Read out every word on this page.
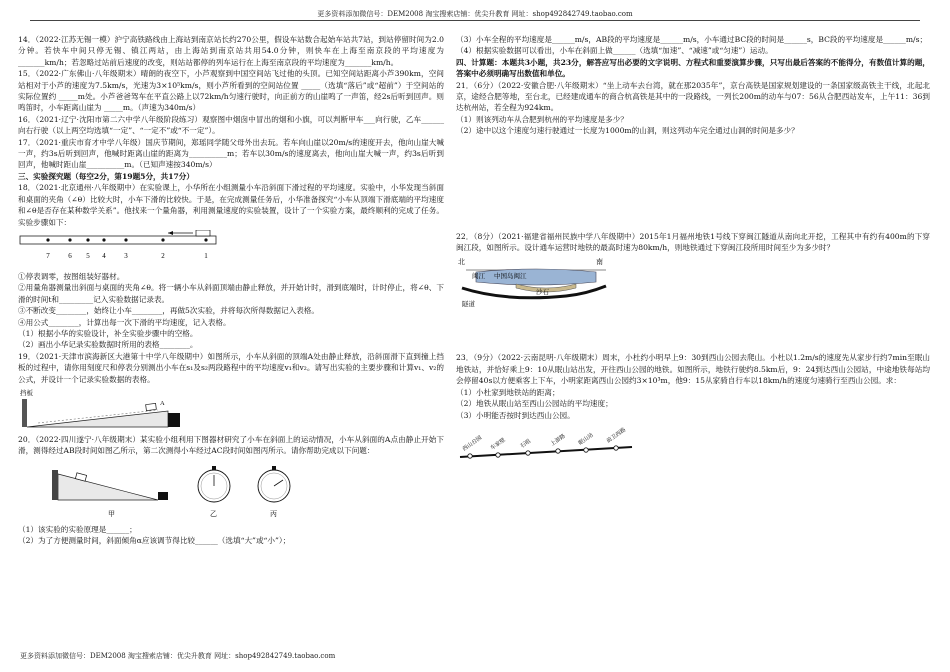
更多资料添加微信号：DEM2008 淘宝搜索店铺：优尖升教育 网址：shop492842749.taobao.com

14．（2022·江苏无锡一模）沪宁高铁路线由上海站到南京站长约270公里，假设车站数合起始车站共7站，到站停留时间为2.0分钟。若快车中间只停无锡、镇江两站，由上海站到南京站共用54.0分钟，则快车在上海至南京段的平均速度为_______km/h；若忽略过站前后速度的改变，则站站都停的列车运行在上海至南京段的平均速度为_______km/h。

15．（2022·广东佛山·八年级期末）晴朗的夜空下，小芦观察到中国空间站飞过他的头顶。已知空间站距离小芦390km，空间站相对于小芦的速度为7.5km/s，光速为3×10⁵km/s，则小芦所看到的空间站位置 _____（选填“落后”或“超前”）于空间站的实际位置约 _____m处。小芦爸爸驾车在平直公路上以72km/h匀速行驶时，向正前方的山崖鸣了一声笛，经2s后听到回声。则鸣笛时，小车距离山崖为 _____m。（声速为340m/s）

16．（2021·辽宁·沈阳市第二六中学八年级阶段练习）观察图中烟囱中冒出的烟和小旗，可以判断甲车___向行驶，乙车______向右行驶（以上两空均选填“一定”、“一定不”或“不一定”）。

17．（2021·重庆市育才中学八年级）国庆节期间，郑瑶同学随父母外出去玩。若车向山崖以20m/s的速度开去，他向山崖大喊一声，约3s后听到回声，他喊时距离山崖的距离为__________m；若车以30m/s的速度离去，他向山崖大喊一声，约3s后听到回声，他喊时距山崖__________m。（已知声速按340m/s）

三、实验探究题（每空2分，第19题5分，共17分）

18．（2021·北京通州·八年级期中）在实验课上，小华所在小组测量小车沿斜面下滑过程的平均速度。实验中，小华发现当斜面和桌面的夹角（∠θ）比较大时，小车下滑的比较快。于是，在完成测量任务后，小华准备探究“小车从顶端下滑底端的平均速度和∠θ是否存在某种数学关系”。他找来一个量角器，利用测量速度的实验装置，设计了一个实验方案，最终顺利的完成了任务。实验步骤如下：

7	6 5 4	3	2	1

①停表调零，按图组装好器材。

②用量角器测量出斜面与桌面的夹角∠θ。将一辆小车从斜面顶端由静止释放，并开始计时，滑到底端时，计时停止，将∠θ、下滑的时间t和_________记入实验数据记录表。

③不断改变________，始终让小车________，再做5次实验，并将每次所得数据记入表格。

④用公式________，计算出每一次下滑的平均速度，记入表格。

（1）根据小华的实验设计，补全实验步骤中的空格。

（2）画出小华记录实验数据时所用的表格________。

19．（2021·天津市滨海新区大港第十中学八年级期中）如图所示，小车从斜面的顶端A处由静止释放，沿斜面滑下直到撞上挡板的过程中，请你用刻度尺和停表分别测出小车在s₁及s₂两段路程中的平均速度v₁和v₂。请写出实验的主要步骤和计算v₁、v₂的公式，并设计一个记录实验数据的表格。

挡板
A

20．（2022·四川遂宁·八年级期末）某实验小组利用下图器材研究了小车在斜面上的运动情况，小车从斜面的A点由静止开始下滑，测得经过AB段时间如图乙所示，第二次测得小车经过AC段时间如图丙所示。请你帮助完成以下问题：

甲	乙	丙

（1）该实验的实验原理是______；

（2）为了方便测量时间，斜面倾角α应该调节得比较______（选填“大”或“小”）；

（3）小车全程的平均速度是______m/s，AB段的平均速度是______m/s，小车通过BC段的时间是______s，BC段的平均速度是______m/s；

（4）根据实验数据可以看出，小车在斜面上做______（选填“加速”、“减速”或“匀速”）运动。

四、计算题：本题共3小题，共23分，解答应写出必要的文字说明、方程式和重要演算步骤，只写出最后答案的不能得分，有数值计算的题，答案中必须明确写出数值和单位。

21．（6分）（2022·安徽合肥·八年级期末）“坐上动车去台湾，就在那2035年”，京台高铁是国家规划建设的一条国家级高铁主干线，北起北京，途经合肥等地，至台北，已经建成通车的商合杭高铁是其中的一段路线，一列长200m的动车与07：56从合肥西站发车，上午11：36到达杭州站，若全程为924km。

（1）则该列动车从合肥到杭州的平均速度是多少？

（2）途中以这个速度匀速行驶通过一长度为1000m的山洞，则这列动车完全通过山洞的时间是多少？

22．（8分）（2021·福建省福州民族中学八年级期中）2015年1月福州地铁1号线下穿闽江隧道从南向北开挖，工程其中有约有400m的下穿闽江段，如图所示。设计通车运营时地铁的最高时速为80km/h，则地铁通过下穿闽江段所用时间至少为多少时？

北	南
闽江 中国岛闽江
沙石
隧道

23．（9分）（2022·云南昆明·八年级期末）周末，小杜约小明早上9：30到西山公园去爬山。小杜以1.2m/s的速度先从家步行约7min至眠山地铁站，并恰好乘上9：10从眠山站出发，开往西山公园的地铁。如图所示，地铁行驶约8.5km后，9：24到达西山公园站，中途地铁每站均会停留40s以方便乘客上下车，小明家距离西山公园约3×10³m，他9：15从家骑自行车以18km/h的速度匀速骑行至西山公园。求：

（1）小杜家到地铁站的距离；

（2）地铁从眠山站至西山公园站的平均速度；

（3）小明能否按时到达西山公园。

西山公园 车家壁 石咀	上游路 眠山站 前卫西路
更多资料添加微信号：DEM2008 淘宝搜索店铺：优尖升教育 网址：shop492842749.taobao.com
